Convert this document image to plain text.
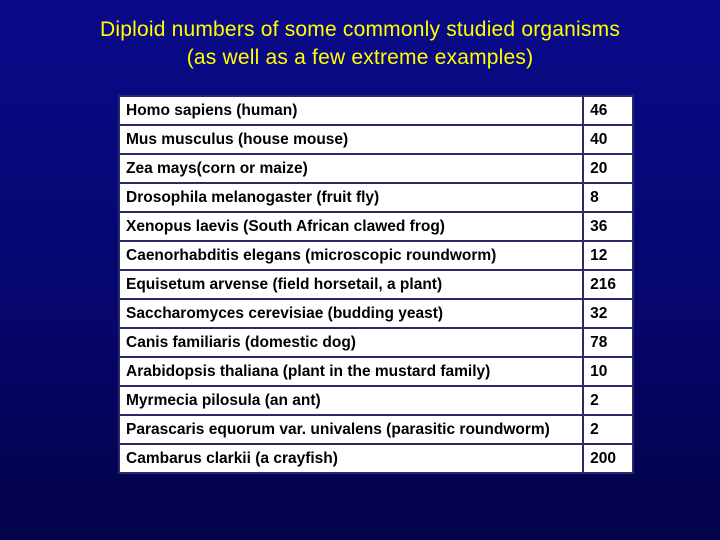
Diploid numbers of some commonly studied organisms
(as well as a few extreme examples)
Homo sapiens (human)	46
Mus musculus (house mouse)	40
Zea mays(corn or maize)	20
Drosophila melanogaster (fruit fly)	8
Xenopus laevis (South African clawed frog)	36
Caenorhabditis elegans (microscopic roundworm)	12
Equisetum arvense (field horsetail, a plant)	216
Saccharomyces cerevisiae (budding yeast)	32
Canis familiaris (domestic dog)	78
Arabidopsis thaliana (plant in the mustard family)	10
Myrmecia pilosula (an ant)	2
Parascaris equorum var. univalens (parasitic roundworm)	2
Cambarus clarkii (a crayfish)	200
